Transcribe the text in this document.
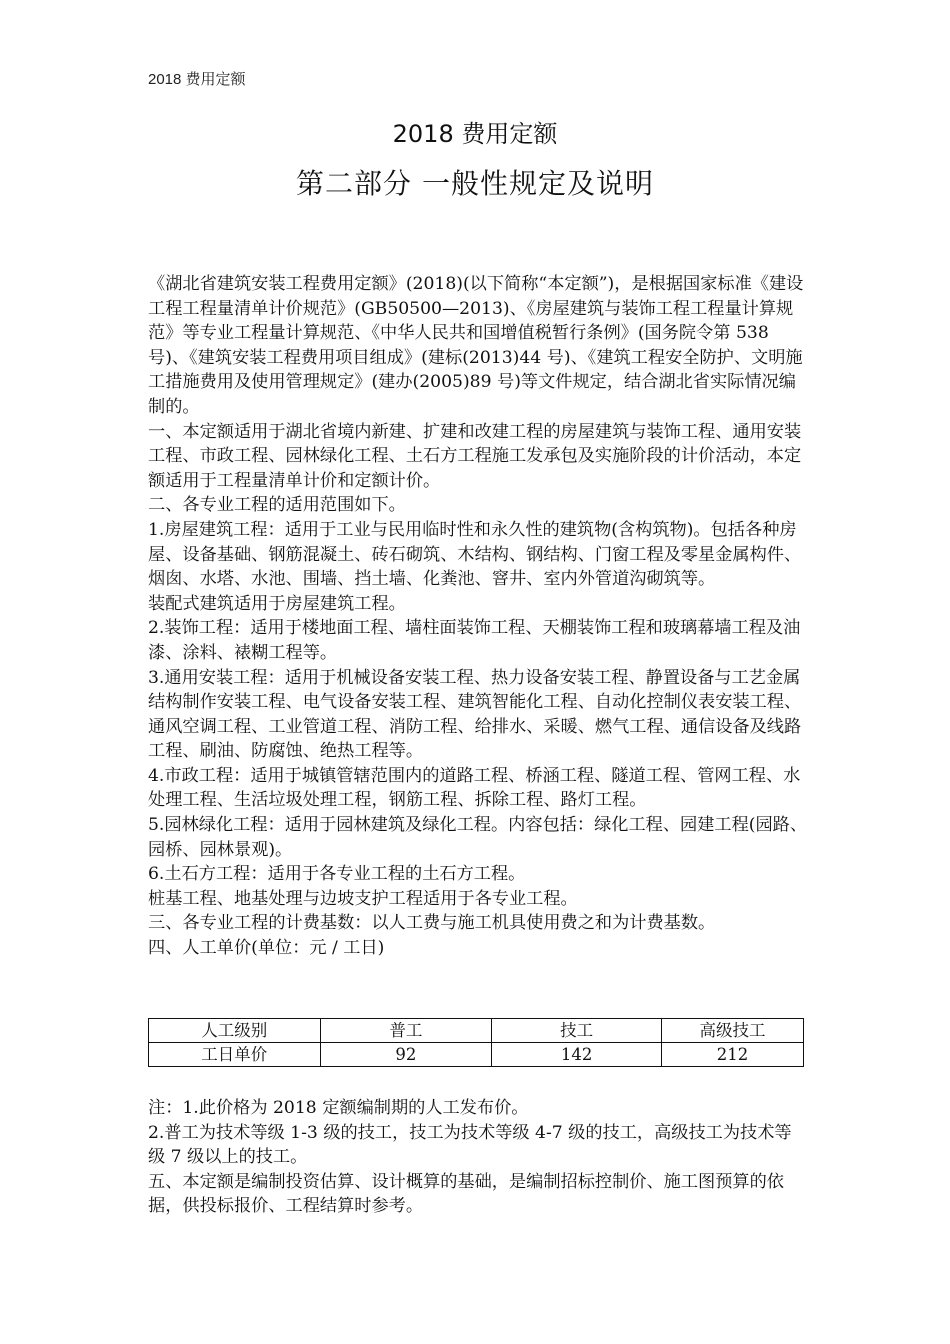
2018 费用定额
2018 费用定额
第二部分 一般性规定及说明

《湖北省建筑安装工程费用定额》(2018)(以下简称“本定额”)，是根据国家标准《建设工程工程量清单计价规范》(GB50500—2013)、《房屋建筑与装饰工程工程量计算规范》等专业工程量计算规范、《中华人民共和国增值税暂行条例》(国务院令第 538 号)、《建筑安装工程费用项目组成》(建标(2013)44 号)、《建筑工程安全防护、文明施工措施费用及使用管理规定》(建办(2005)89 号)等文件规定，结合湖北省实际情况编制的。

一、本定额适用于湖北省境内新建、扩建和改建工程的房屋建筑与装饰工程、通用安装工程、市政工程、园林绿化工程、土石方工程施工发承包及实施阶段的计价活动，本定额适用于工程量清单计价和定额计价。

二、各专业工程的适用范围如下。

1.房屋建筑工程：适用于工业与民用临时性和永久性的建筑物(含构筑物)。包括各种房屋、设备基础、钢筋混凝土、砖石砌筑、木结构、钢结构、门窗工程及零星金属构件、烟囱、水塔、水池、围墙、挡土墙、化粪池、窨井、室内外管道沟砌筑等。

装配式建筑适用于房屋建筑工程。

2.装饰工程：适用于楼地面工程、墙柱面装饰工程、天棚装饰工程和玻璃幕墙工程及油漆、涂料、裱糊工程等。

3.通用安装工程：适用于机械设备安装工程、热力设备安装工程、静置设备与工艺金属结构制作安装工程、电气设备安装工程、建筑智能化工程、自动化控制仪表安装工程、通风空调工程、工业管道工程、消防工程、给排水、采暖、燃气工程、通信设备及线路工程、刷油、防腐蚀、绝热工程等。

4.市政工程：适用于城镇管辖范围内的道路工程、桥涵工程、隧道工程、管网工程、水处理工程、生活垃圾处理工程，钢筋工程、拆除工程、路灯工程。

5.园林绿化工程：适用于园林建筑及绿化工程。内容包括：绿化工程、园建工程(园路、园桥、园林景观)。

6.土石方工程：适用于各专业工程的土石方工程。

桩基工程、地基处理与边坡支护工程适用于各专业工程。

三、各专业工程的计费基数：以人工费与施工机具使用费之和为计费基数。

四、人工单价(单位：元 / 工日)

人工级别	普工	技工	高级技工
工日单价	92	142	212

注：1.此价格为 2018 定额编制期的人工发布价。

2.普工为技术等级 1-3 级的技工，技工为技术等级 4-7 级的技工，高级技工为技术等级 7 级以上的技工。

五、本定额是编制投资估算、设计概算的基础，是编制招标控制价、施工图预算的依据，供投标报价、工程结算时参考。
